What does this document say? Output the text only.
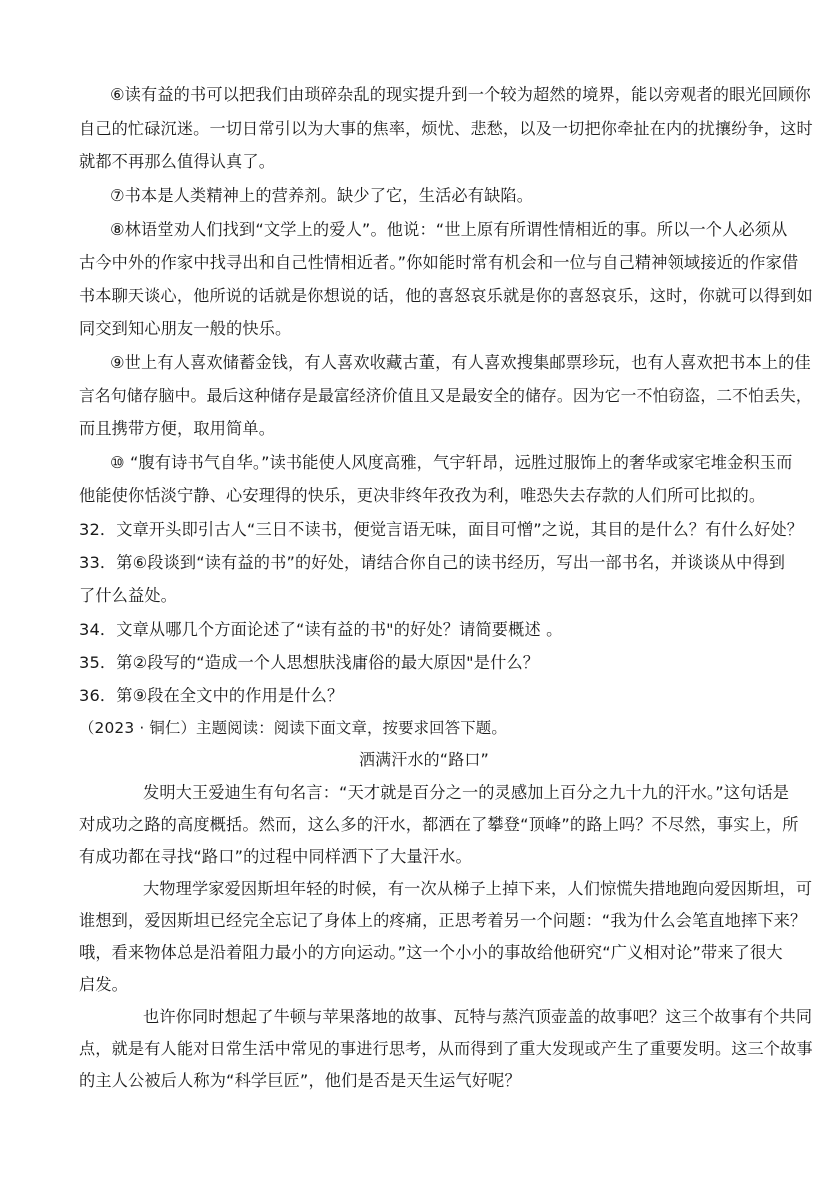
⑥读有益的书可以把我们由琐碎杂乱的现实提升到一个较为超然的境界，能以旁观者的眼光回顾你
自己的忙碌沉迷。一切日常引以为大事的焦率，烦忧、悲愁，以及一切把你牵扯在内的扰攘纷争，这时
就都不再那么值得认真了。
⑦书本是人类精神上的营养剂。缺少了它，生活必有缺陷。
⑧林语堂劝人们找到“文学上的爱人”。他说：“世上原有所谓性情相近的事。所以一个人必须从
古今中外的作家中找寻出和自己性情相近者。”你如能时常有机会和一位与自己精神领域接近的作家借
书本聊天谈心，他所说的话就是你想说的话，他的喜怒哀乐就是你的喜怒哀乐，这时，你就可以得到如
同交到知心朋友一般的快乐。
⑨世上有人喜欢储蓄金钱，有人喜欢收藏古董，有人喜欢搜集邮票珍玩，也有人喜欢把书本上的佳
言名句储存脑中。最后这种储存是最富经济价值且又是最安全的储存。因为它一不怕窃盗，二不怕丢失，
而且携带方便，取用简单。
⑩ “腹有诗书气自华。”读书能使人风度高雅，气宇轩昂，远胜过服饰上的奢华或家宅堆金积玉而
他能使你恬淡宁静、心安理得的快乐，更决非终年孜孜为利，唯恐失去存款的人们所可比拟的。
32．文章开头即引古人“三日不读书，便觉言语无味，面目可憎”之说，其目的是什么？有什么好处？
33．第⑥段谈到“读有益的书”的好处，请结合你自己的读书经历，写出一部书名，并谈谈从中得到
了什么益处。
34．文章从哪几个方面论述了“读有益的书"的好处？请简要概述 。
35．第②段写的“造成一个人思想肤浅庸俗的最大原因"是什么？
36．第⑨段在全文中的作用是什么？
（2023 · 铜仁）主题阅读：阅读下面文章，按要求回答下题。
洒满汗水的“路口”
发明大王爱迪生有句名言：“天才就是百分之一的灵感加上百分之九十九的汗水。”这句话是
对成功之路的高度概括。然而，这么多的汗水，都洒在了攀登“顶峰”的路上吗？不尽然，事实上，所
有成功都在寻找“路口”的过程中同样洒下了大量汗水。
大物理学家爱因斯坦年轻的时候，有一次从梯子上掉下来，人们惊慌失措地跑向爱因斯坦，可
谁想到，爱因斯坦已经完全忘记了身体上的疼痛，正思考着另一个问题：“我为什么会笔直地摔下来？
哦，看来物体总是沿着阻力最小的方向运动。”这一个小小的事故给他研究“广义相对论”带来了很大
启发。
也许你同时想起了牛顿与苹果落地的故事、瓦特与蒸汽顶壶盖的故事吧？这三个故事有个共同
点，就是有人能对日常生活中常见的事进行思考，从而得到了重大发现或产生了重要发明。这三个故事
的主人公被后人称为“科学巨匠”，他们是否是天生运气好呢？
